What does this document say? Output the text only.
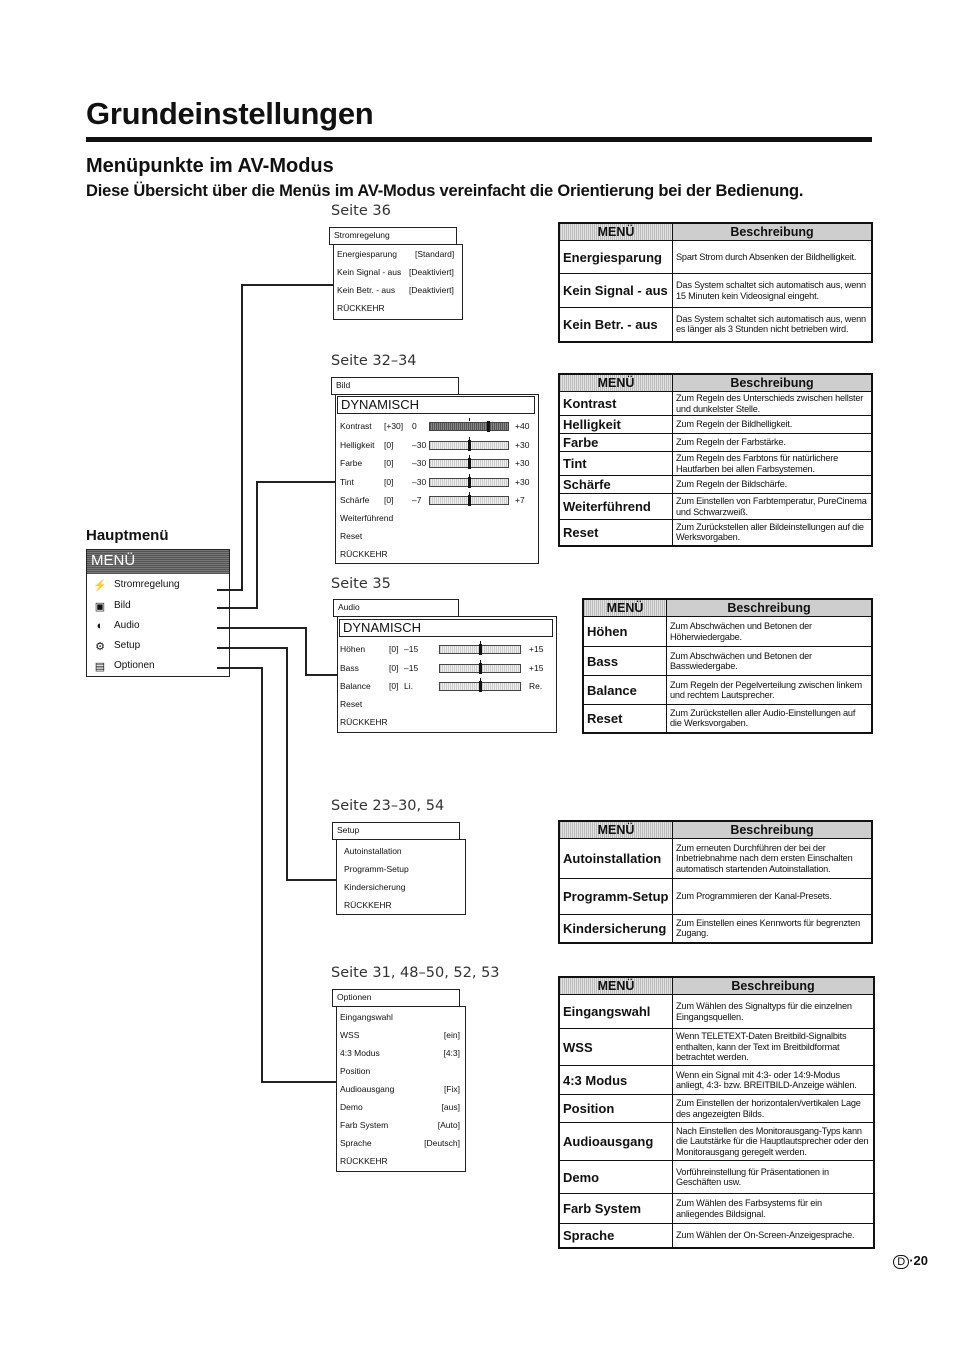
Grundeinstellungen
Menüpunkte im AV-Modus
Diese Übersicht über die Menüs im AV-Modus vereinfacht die Orientierung bei der Bedienung.
Seite 36
Seite 32–34
Seite 35
Seite 23–30, 54
Seite 31, 48–50, 52, 53
Stromregelung
Energiesparung [Standard]
Kein Signal - aus [Deaktiviert]
Kein Betr. - aus [Deaktiviert]
RÜCKKEHR
Bild
DYNAMISCH
Kontrast [+30] 0	+40
Helligkeit [0] –30	+30
Farbe	[0] –30	+30
Tint	[0] –30	+30
Schärfe [0] –7	+7
Weiterführend
Reset
RÜCKKEHR
Audio
DYNAMISCH
Höhen	[0] –15	+15
Bass	[0] –15	+15
Balance [0] Li.	Re.
Reset
RÜCKKEHR
Setup
Autoinstallation
Programm-Setup
Kindersicherung
RÜCKKEHR
Optionen
Eingangswahl
WSS	[ein]
4:3 Modus	[4:3]
Position
Audioausgang	[Fix]
Demo	[aus]
Farb System	[Auto]
Sprache	[Deutsch]
RÜCKKEHR
Hauptmenü
MENÜ
⚡ Stromregelung
▣ Bild
◐	Audio
⚙ Setup
▤ Optionen
MENÜ	Beschreibung
Energiesparung	Spart Strom durch Absenken der Bildhelligkeit.
Kein Signal - aus	Das System schaltet sich automatisch aus, wenn 15 Minuten kein Videosignal eingeht.
Kein Betr. - aus	Das System schaltet sich automatisch aus, wenn es länger als 3 Stunden nicht betrieben wird.
MENÜ	Beschreibung
Kontrast	Zum Regeln des Unterschieds zwischen hellster und dunkelster Stelle.
Helligkeit	Zum Regeln der Bildhelligkeit.
Farbe	Zum Regeln der Farbstärke.
Tint	Zum Regeln des Farbtons für natürlichere Hautfarben bei allen Farbsystemen.
Schärfe	Zum Regeln der Bildschärfe.
Weiterführend	Zum Einstellen von Farbtemperatur, PureCinema und Schwarzweiß.
Reset	Zum Zurückstellen aller Bildeinstellungen auf die Werksvorgaben.
MENÜ	Beschreibung
Höhen	Zum Abschwächen und Betonen der Höherwiedergabe.
Bass	Zum Abschwächen und Betonen der Basswiedergabe.
Balance	Zum Regeln der Pegelverteilung zwischen linkem und rechtem Lautsprecher.
Reset	Zum Zurückstellen aller Audio-Einstellungen auf die Werksvorgaben.
MENÜ	Beschreibung
Autoinstallation	Zum erneuten Durchführen der bei der Inbetriebnahme nach dem ersten Einschalten automatisch startenden Autoinstallation.
Programm-Setup	Zum Programmieren der Kanal-Presets.
Kindersicherung	Zum Einstellen eines Kennworts für begrenzten Zugang.
MENÜ	Beschreibung
Eingangswahl	Zum Wählen des Signaltyps für die einzelnen Eingangsquellen.
WSS	Wenn TELETEXT-Daten Breitbild-Signalbits enthalten, kann der Text im Breitbildformat betrachtet werden.
4:3 Modus	Wenn ein Signal mit 4:3- oder 14:9-Modus anliegt, 4:3- bzw. BREITBILD-Anzeige wählen.
Position	Zum Einstellen der horizontalen/vertikalen Lage des angezeigten Bilds.
Audioausgang	Nach Einstellen des Monitorausgang-Typs kann die Lautstärke für die Hauptlautsprecher oder den Monitorausgang geregelt werden.
Demo	Vorführeinstellung für Präsentationen in Geschäften usw.
Farb System	Zum Wählen des Farbsystems für ein anliegendes Bildsignal.
Sprache	Zum Wählen der On-Screen-Anzeigesprache.
D ·20
